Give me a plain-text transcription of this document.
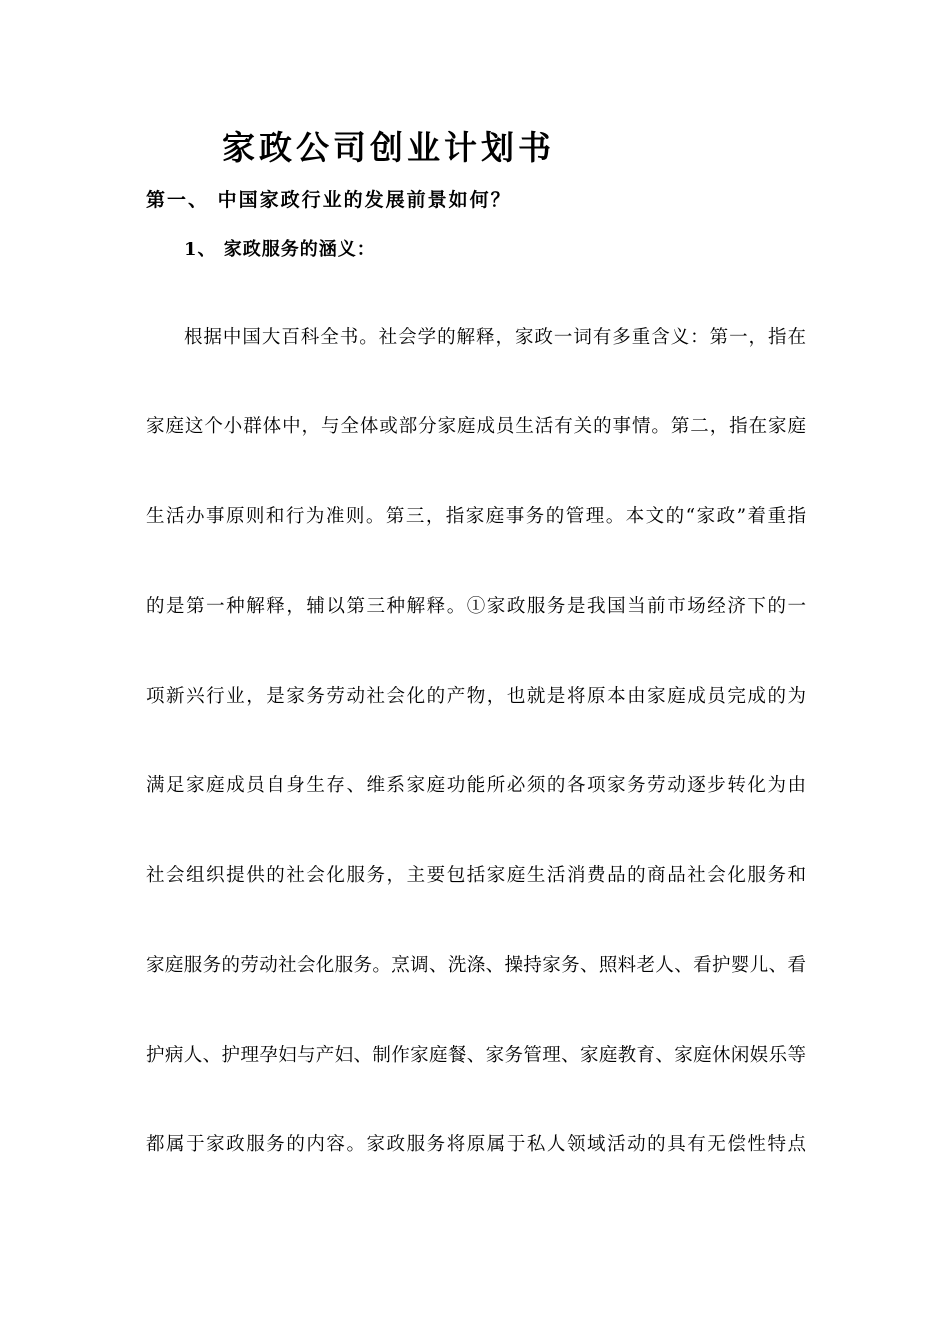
家政公司创业计划书
第一、 中国家政行业的发展前景如何？
1、 家政服务的涵义：
根据中国大百科全书。社会学的解释，家政一词有多重含义：第一，指在
家庭这个小群体中，与全体或部分家庭成员生活有关的事情。第二，指在家庭
生活办事原则和行为准则。第三，指家庭事务的管理。本文的“家政”着重指
的是第一种解释，辅以第三种解释。①家政服务是我国当前市场经济下的一
项新兴行业，是家务劳动社会化的产物，也就是将原本由家庭成员完成的为
满足家庭成员自身生存、维系家庭功能所必须的各项家务劳动逐步转化为由
社会组织提供的社会化服务，主要包括家庭生活消费品的商品社会化服务和
家庭服务的劳动社会化服务。烹调、洗涤、操持家务、照料老人、看护婴儿、看
护病人、护理孕妇与产妇、制作家庭餐、家务管理、家庭教育、家庭休闲娱乐等
都属于家政服务的内容。家政服务将原属于私人领域活动的具有无偿性特点
